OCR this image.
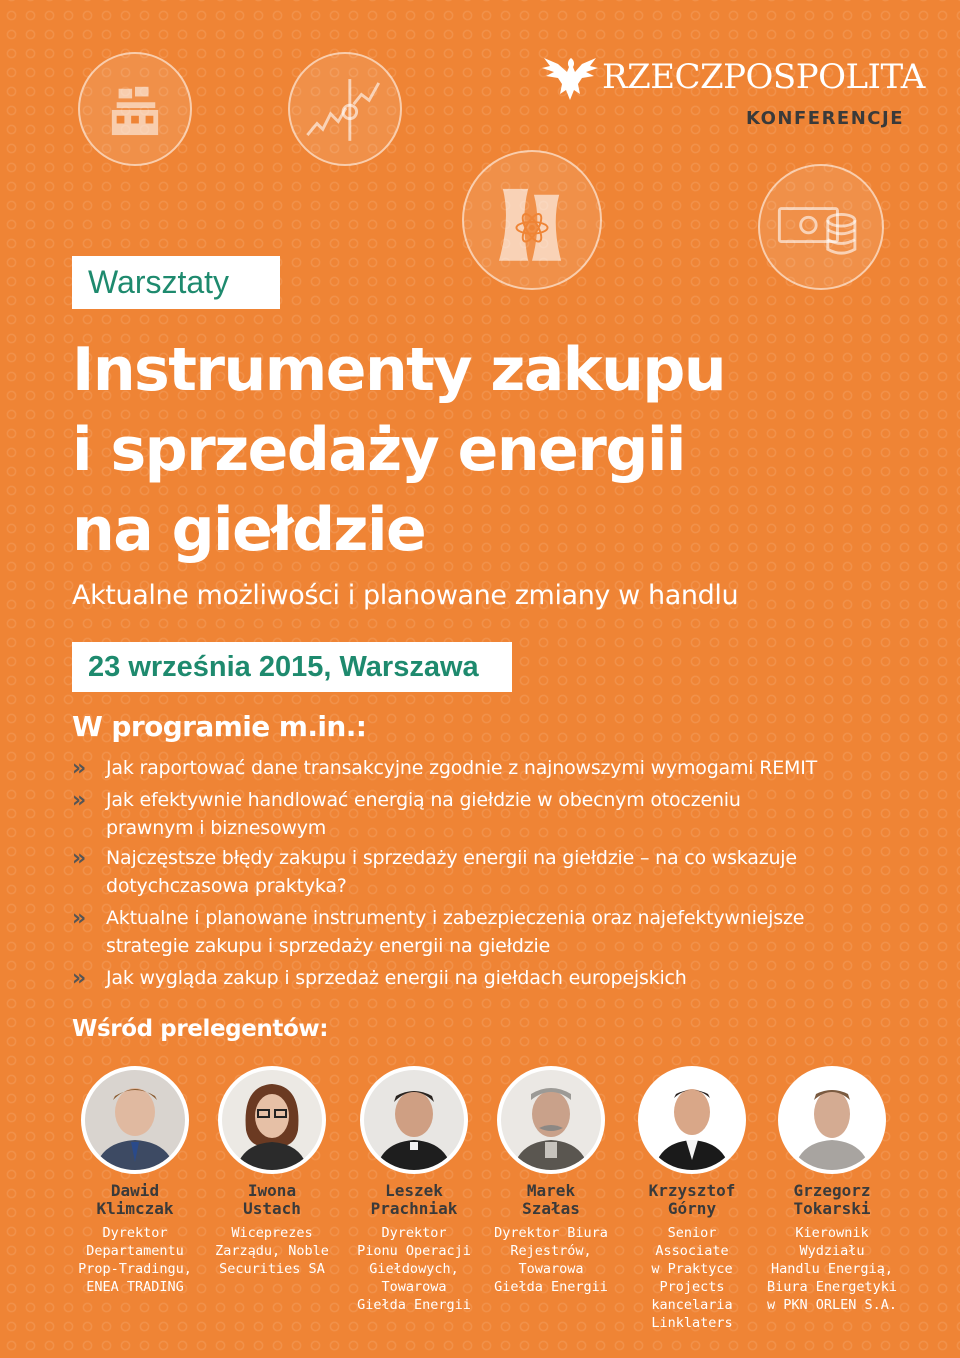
RZECZPOSPOLITA
KONFERENCJE
Warsztaty
Instrumenty zakupu
i sprzedaży energii
na giełdzie
Aktualne możliwości i planowane zmiany w handlu
23 września 2015, Warszawa
W programie m.in.:
» Jak raportować dane transakcyjne zgodnie z najnowszymi wymogami REMIT
» Jak efektywnie handlować energią na giełdzie w obecnym otoczeniu
prawnym i biznesowym
» Najczęstsze błędy zakupu i sprzedaży energii na giełdzie – na co wskazuje
dotychczasowa praktyka?
» Aktualne i planowane instrumenty i zabezpieczenia oraz najefektywniejsze
strategie zakupu i sprzedaży energii na giełdzie
» Jak wygląda zakup i sprzedaż energii na giełdach europejskich
Wśród prelegentów:
Dawid
Klimczak
Dyrektor
Departamentu
Prop-Tradingu,
ENEA TRADING
Iwona
Ustach
Wiceprezes
Zarządu, Noble
Securities SA
Leszek
Prachniak
Dyrektor
Pionu Operacji
Giełdowych,
Towarowa
Giełda Energii
Marek
Szałas
Dyrektor Biura
Rejestrów,
Towarowa
Giełda Energii
Krzysztof
Górny
Senior
Associate
w Praktyce
Projects
kancelaria
Linklaters
Grzegorz
Tokarski
Kierownik
Wydziału
Handlu Energią,
Biura Energetyki
w PKN ORLEN S.A.
